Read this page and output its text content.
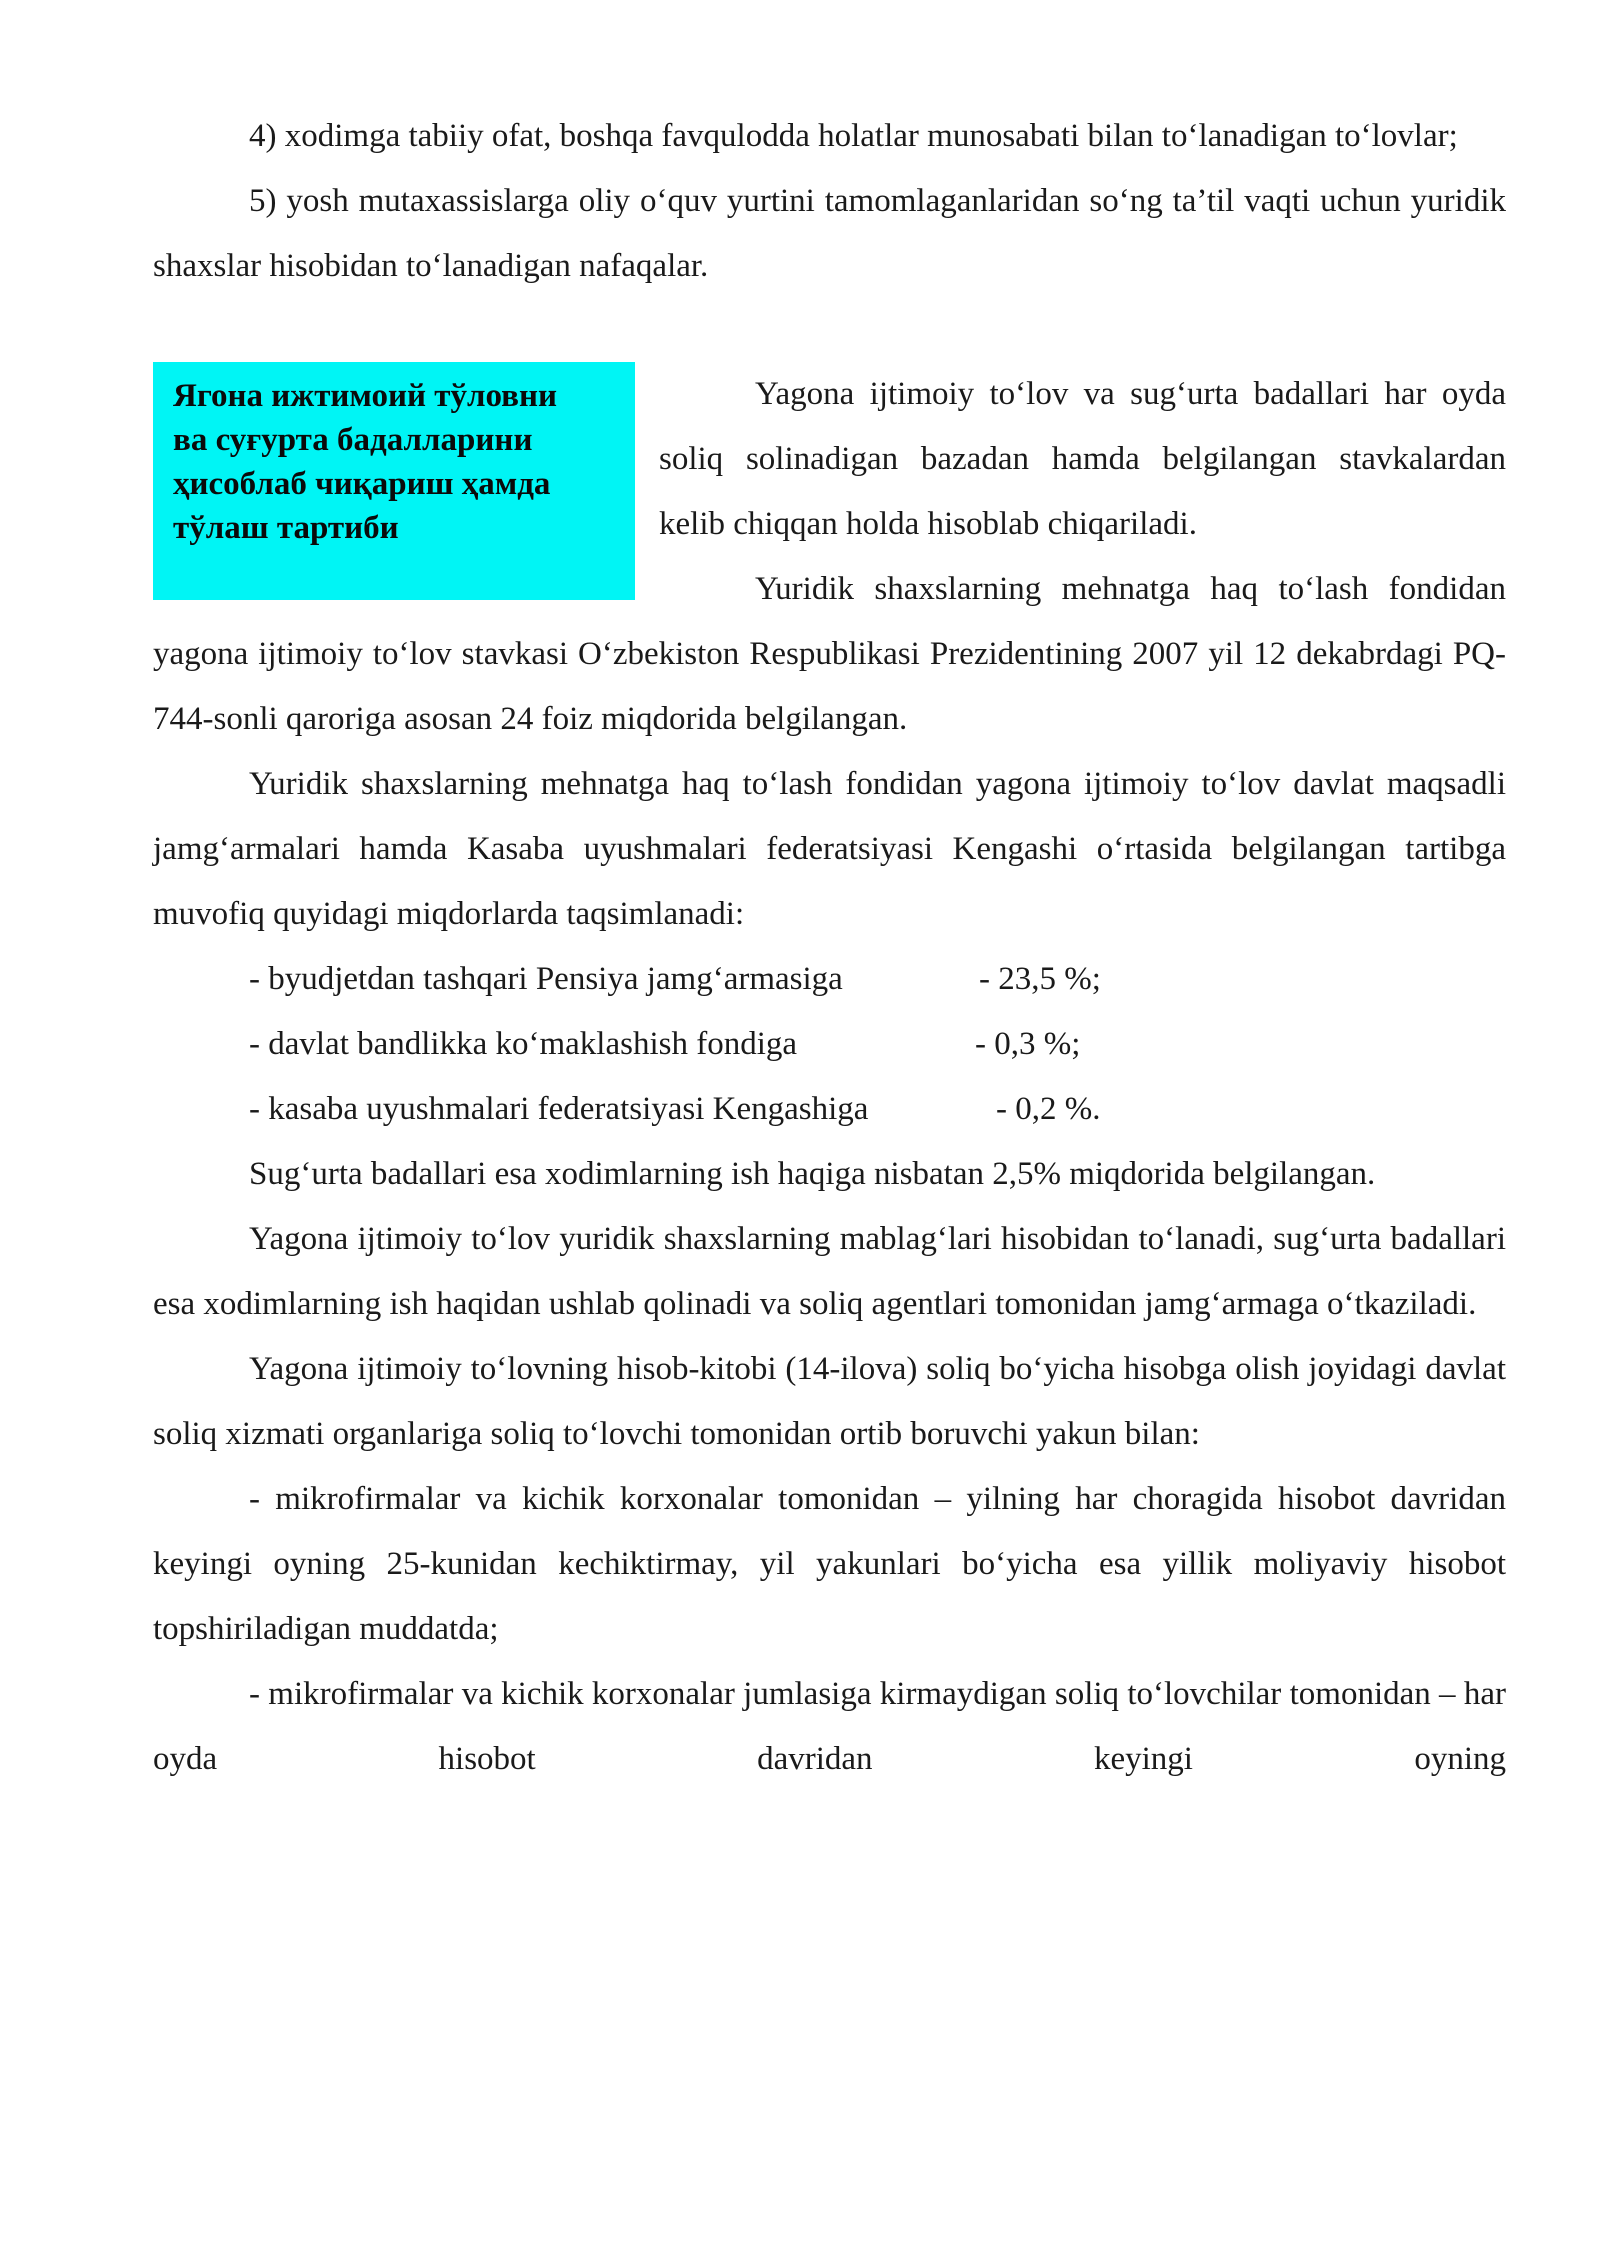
4) xodimga tabiiy ofat, boshqa favqulodda holatlar munosabati bilan to‘lanadigan to‘lovlar;

5) yosh mutaxassislarga oliy o‘quv yurtini tamomlaganlaridan so‘ng ta’til vaqti uchun yuridik shaxslar hisobidan to‘lanadigan nafaqalar.

Ягона ижтимоий тўловни
ва суғурта бадалларини
ҳисоблаб чиқариш ҳамда
тўлаш тартиби

Yagona ijtimoiy to‘lov va sug‘urta badallari har oyda soliq solinadigan bazadan hamda belgilangan stavkalardan kelib chiqqan holda hisoblab chiqariladi.

Yuridik shaxslarning mehnatga haq to‘lash fondidan yagona ijtimoiy to‘lov stavkasi O‘zbekiston Respublikasi Prezidentining 2007 yil 12 dekabrdagi PQ-744-sonli qaroriga asosan 24 foiz miqdorida belgilangan.

Yuridik shaxslarning mehnatga haq to‘lash fondidan yagona ijtimoiy to‘lov davlat maqsadli jamg‘armalari hamda Kasaba uyushmalari federatsiyasi Kengashi o‘rtasida belgilangan tartibga muvofiq quyidagi miqdorlarda taqsimlanadi:

- byudjetdan tashqari Pensiya jamg‘armasiga	- 23,5 %;
- davlat bandlikka ko‘maklashish fondiga	- 0,3 %;
- kasaba uyushmalari federatsiyasi Kengashiga	- 0,2 %.

Sug‘urta badallari esa xodimlarning ish haqiga nisbatan 2,5% miqdorida belgilangan.

Yagona ijtimoiy to‘lov yuridik shaxslarning mablag‘lari hisobidan to‘lanadi, sug‘urta badallari esa xodimlarning ish haqidan ushlab qolinadi va soliq agentlari tomonidan jamg‘armaga o‘tkaziladi.

Yagona ijtimoiy to‘lovning hisob-kitobi (14-ilova) soliq bo‘yicha hisobga olish joyidagi davlat soliq xizmati organlariga soliq to‘lovchi tomonidan ortib boruvchi yakun bilan:

- mikrofirmalar va kichik korxonalar tomonidan – yilning har choragida hisobot davridan keyingi oyning 25-kunidan kechiktirmay, yil yakunlari bo‘yicha esa yillik moliyaviy hisobot topshiriladigan muddatda;

- mikrofirmalar va kichik korxonalar jumlasiga kirmaydigan soliq to‘lovchilar tomonidan – har oyda hisobot davridan keyingi oyning
